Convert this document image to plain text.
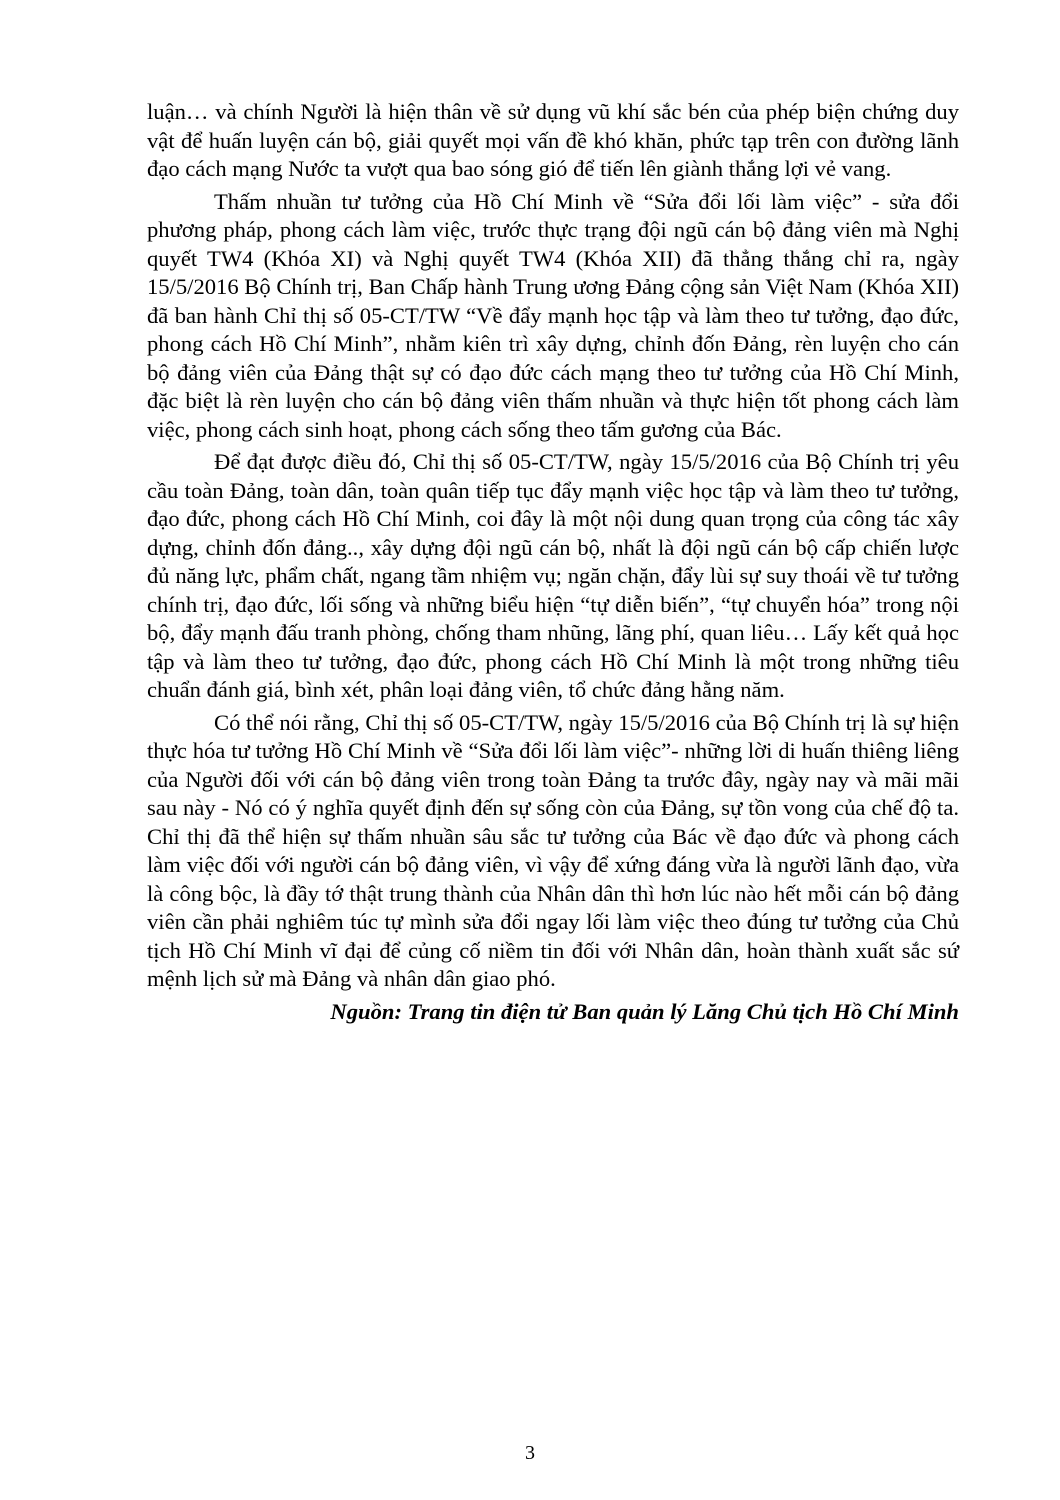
luận… và chính Người là hiện thân về sử dụng vũ khí sắc bén của phép biện chứng duy vật để huấn luyện cán bộ, giải quyết mọi vấn đề khó khăn, phức tạp trên con đường lãnh đạo cách mạng Nước ta vượt qua bao sóng gió để tiến lên giành thắng lợi vẻ vang.

Thấm nhuần tư tưởng của Hồ Chí Minh về “Sửa đổi lối làm việc” - sửa đổi phương pháp, phong cách làm việc, trước thực trạng đội ngũ cán bộ đảng viên mà Nghị quyết TW4 (Khóa XI) và Nghị quyết TW4 (Khóa XII) đã thẳng thắng chỉ ra, ngày 15/5/2016 Bộ Chính trị, Ban Chấp hành Trung ương Đảng cộng sản Việt Nam (Khóa XII) đã ban hành Chỉ thị số 05-CT/TW “Về đẩy mạnh học tập và làm theo tư tưởng, đạo đức, phong cách Hồ Chí Minh”, nhằm kiên trì xây dựng, chỉnh đốn Đảng, rèn luyện cho cán bộ đảng viên của Đảng thật sự có đạo đức cách mạng theo tư tưởng của Hồ Chí Minh, đặc biệt là rèn luyện cho cán bộ đảng viên thấm nhuần và thực hiện tốt phong cách làm việc, phong cách sinh hoạt, phong cách sống theo tấm gương của Bác.

Để đạt được điều đó, Chỉ thị số 05-CT/TW, ngày 15/5/2016 của Bộ Chính trị yêu cầu toàn Đảng, toàn dân, toàn quân tiếp tục đẩy mạnh việc học tập và làm theo tư tưởng, đạo đức, phong cách Hồ Chí Minh, coi đây là một nội dung quan trọng của công tác xây dựng, chỉnh đốn đảng.., xây dựng đội ngũ cán bộ, nhất là đội ngũ cán bộ cấp chiến lược đủ năng lực, phẩm chất, ngang tầm nhiệm vụ; ngăn chặn, đẩy lùi sự suy thoái về tư tưởng chính trị, đạo đức, lối sống và những biểu hiện “tự diễn biến”, “tự chuyển hóa” trong nội bộ, đẩy mạnh đấu tranh phòng, chống tham nhũng, lãng phí, quan liêu… Lấy kết quả học tập và làm theo tư tưởng, đạo đức, phong cách Hồ Chí Minh là một trong những tiêu chuẩn đánh giá, bình xét, phân loại đảng viên, tổ chức đảng hằng năm.

Có thể nói rằng, Chỉ thị số 05-CT/TW, ngày 15/5/2016 của Bộ Chính trị là sự hiện thực hóa tư tưởng Hồ Chí Minh về “Sửa đổi lối làm việc”- những lời di huấn thiêng liêng của Người đối với cán bộ đảng viên trong toàn Đảng ta trước đây, ngày nay và mãi mãi sau này - Nó có ý nghĩa quyết định đến sự sống còn của Đảng, sự tồn vong của chế độ ta. Chỉ thị đã thể hiện sự thấm nhuần sâu sắc tư tưởng của Bác về đạo đức và phong cách làm việc đối với người cán bộ đảng viên, vì vậy để xứng đáng vừa là người lãnh đạo, vừa là công bộc, là đầy tớ thật trung thành của Nhân dân thì hơn lúc nào hết mỗi cán bộ đảng viên cần phải nghiêm túc tự mình sửa đổi ngay lối làm việc theo đúng tư tưởng của Chủ tịch Hồ Chí Minh vĩ đại để củng cố niềm tin đối với Nhân dân, hoàn thành xuất sắc sứ mệnh lịch sử mà Đảng và nhân dân giao phó.

Nguồn: Trang tin điện tử Ban quản lý Lăng Chủ tịch Hồ Chí Minh

3
